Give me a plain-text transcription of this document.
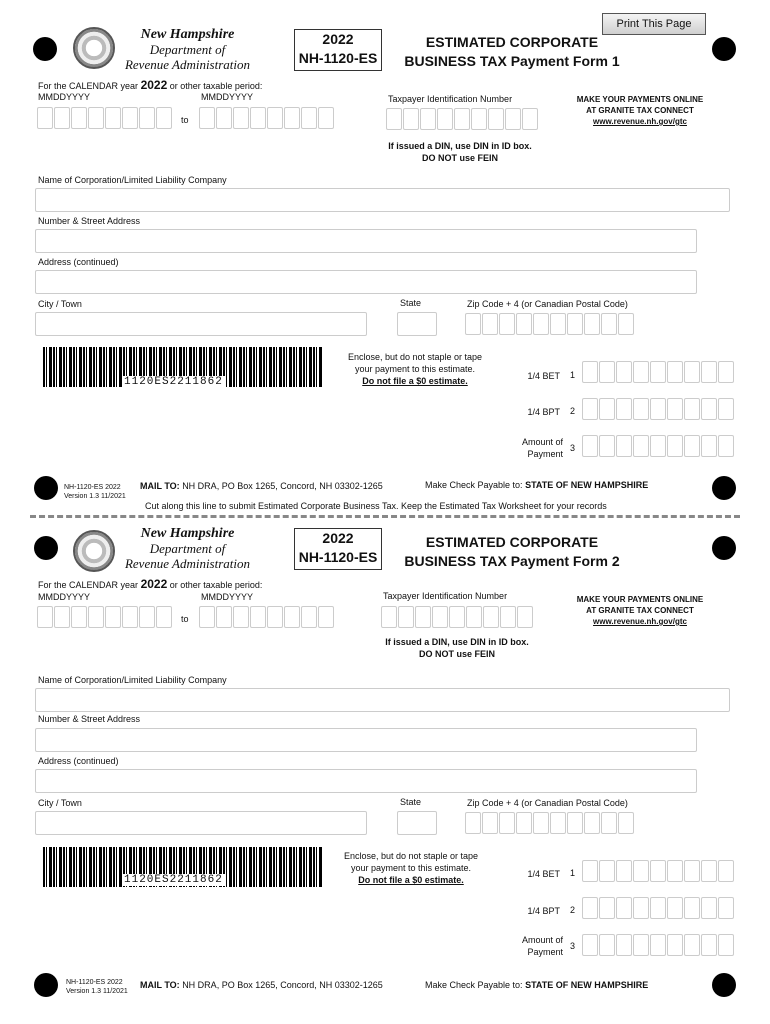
Print This Page
New Hampshire
Department of
Revenue Administration
2022
NH-1120-ES
ESTIMATED CORPORATE
BUSINESS TAX Payment Form 1
For the CALENDAR year 2022 or other taxable period:
MMDDYYYY	MMDDYYYY
to
Taxpayer Identification Number	MAKE YOUR PAYMENTS ONLINE
AT GRANITE TAX CONNECT
www.revenue.nh.gov/gtc
If issued a DIN, use DIN in ID box.
DO NOT use FEIN
Name of Corporation/Limited Liability Company
Number & Street Address
Address (continued)
City / Town	State	Zip Code + 4 (or Canadian Postal Code)
1120ES2211862
Enclose, but do not staple or tape
your payment to this estimate.
Do not file a $0 estimate.	1/4 BET 1
1/4 BPT 2
Amount of
Payment
3
NH-1120-ES 2022
Version 1.3 11/2021
MAIL TO: NH DRA, PO Box 1265, Concord, NH 03302-1265	Make Check Payable to: STATE OF NEW HAMPSHIRE
Cut along this line to submit Estimated Corporate Business Tax. Keep the Estimated Tax Worksheet for your records
New Hampshire
Department of
Revenue Administration
2022
NH-1120-ES
ESTIMATED CORPORATE
BUSINESS TAX Payment Form 2
For the CALENDAR year 2022 or other taxable period:
MMDDYYYY	MMDDYYYY
to
Taxpayer Identification Number	MAKE YOUR PAYMENTS ONLINE
AT GRANITE TAX CONNECT
www.revenue.nh.gov/gtc
If issued a DIN, use DIN in ID box.
DO NOT use FEIN
Name of Corporation/Limited Liability Company
Number & Street Address
Address (continued)
City / Town	State	Zip Code + 4 (or Canadian Postal Code)
1120ES2211862
Enclose, but do not staple or tape
your payment to this estimate.
Do not file a $0 estimate.
1/4 BET 1
1/4 BPT 2
Amount of
Payment
3
NH-1120-ES 2022
Version 1.3 11/2021
MAIL TO: NH DRA, PO Box 1265, Concord, NH 03302-1265	Make Check Payable to: STATE OF NEW HAMPSHIRE
